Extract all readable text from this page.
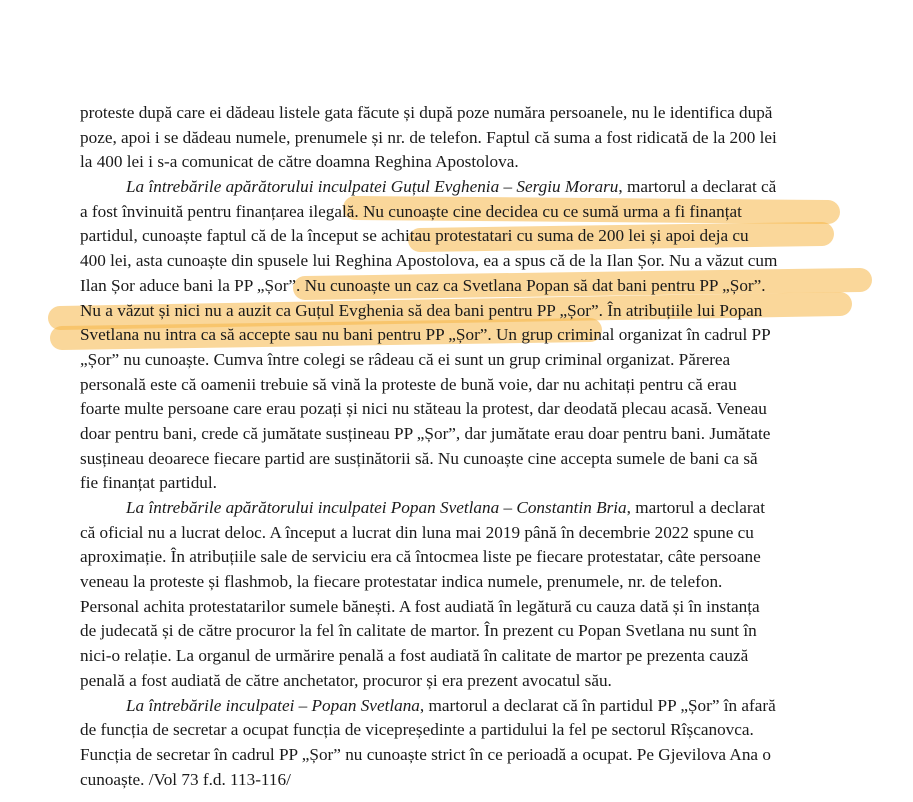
proteste după care ei dădeau listele gata făcute și după poze număra persoanele, nu le identifica după
poze, apoi i se dădeau numele, prenumele și nr. de telefon. Faptul că suma a fost ridicată de la 200 lei
la 400 lei i s-a comunicat de către doamna Reghina Apostolova.
La întrebările apărătorului inculpatei Guțul Evghenia – Sergiu Moraru, martorul a declarat că
a fost învinuită pentru finanțarea ilegală. Nu cunoaște cine decidea cu ce sumă urma a fi finanțat
partidul, cunoaște faptul că de la început se achitau protestatari cu suma de 200 lei și apoi deja cu
400 lei, asta cunoaște din spusele lui Reghina Apostolova, ea a spus că de la Ilan Șor. Nu a văzut cum
Ilan Șor aduce bani la PP „Șor”. Nu cunoaște un caz ca Svetlana Popan să dat bani pentru PP „Șor”.
Nu a văzut și nici nu a auzit ca Guțul Evghenia să dea bani pentru PP „Șor”. În atribuțiile lui Popan
Svetlana nu intra ca să accepte sau nu bani pentru PP „Șor”. Un grup criminal organizat în cadrul PP
„Șor” nu cunoaște. Cumva între colegi se râdeau că ei sunt un grup criminal organizat. Părerea
personală este că oamenii trebuie să vină la proteste de bună voie, dar nu achitați pentru că erau
foarte multe persoane care erau pozați și nici nu stăteau la protest, dar deodată plecau acasă. Veneau
doar pentru bani, crede că jumătate susțineau PP „Șor”, dar jumătate erau doar pentru bani. Jumătate
susțineau deoarece fiecare partid are susținătorii să. Nu cunoaște cine accepta sumele de bani ca să
fie finanțat partidul.
La întrebările apărătorului inculpatei Popan Svetlana – Constantin Bria, martorul a declarat
că oficial nu a lucrat deloc. A început a lucrat din luna mai 2019 până în decembrie 2022 spune cu
aproximație. În atribuțiile sale de serviciu era că întocmea liste pe fiecare protestatar, câte persoane
veneau la proteste și flashmob, la fiecare protestatar indica numele, prenumele, nr. de telefon.
Personal achita protestatarilor sumele bănești. A fost audiată în legătură cu cauza dată și în instanța
de judecată și de către procuror la fel în calitate de martor. În prezent cu Popan Svetlana nu sunt în
nici-o relație. La organul de urmărire penală a fost audiată în calitate de martor pe prezenta cauză
penală a fost audiată de către anchetator, procuror și era prezent avocatul său.
La întrebările inculpatei – Popan Svetlana, martorul a declarat că în partidul PP „Șor” în afară
de funcția de secretar a ocupat funcția de vicepreședinte a partidului la fel pe sectorul Rîșcanovca.
Funcția de secretar în cadrul PP „Șor” nu cunoaște strict în ce perioadă a ocupat. Pe Gjevilova Ana o
cunoaște. /Vol 73 f.d. 113-116/
